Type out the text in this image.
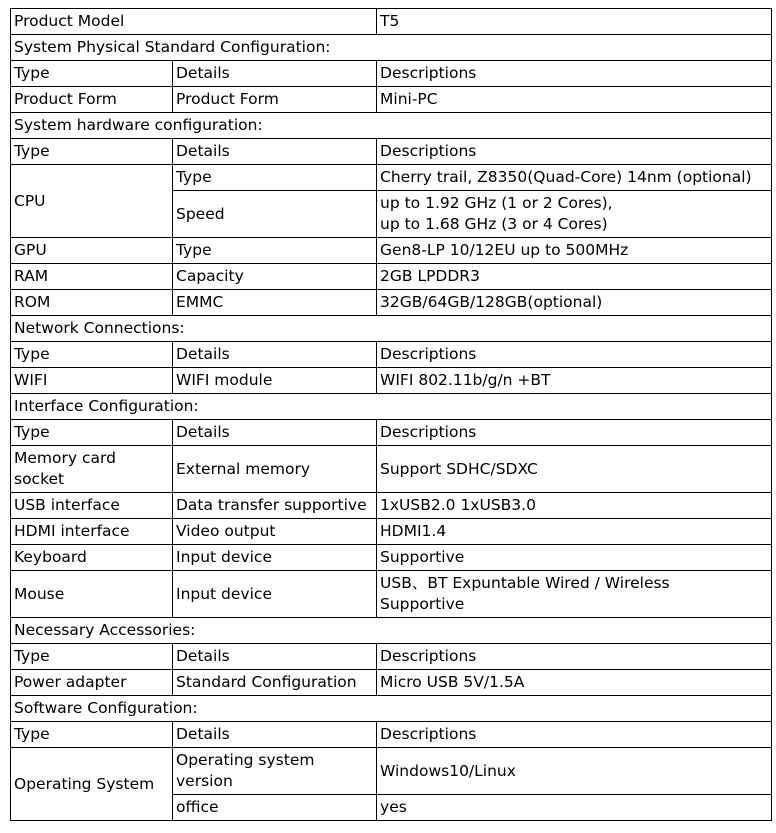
Product Model		T5
System Physical Standard Configuration:		
Type	Details	Descriptions
Product Form	Product Form	Mini-PC
System hardware configuration:		
Type	Details	Descriptions
CPU	Type	Cherry trail, Z8350(Quad-Core) 14nm (optional)
	Speed	up to 1.92 GHz (1 or 2 Cores),
up to 1.68 GHz (3 or 4 Cores)

GPU	Type	Gen8-LP 10/12EU up to 500MHz
RAM	Capacity	2GB LPDDR3
ROM	EMMC	32GB/64GB/128GB(optional)
Network Connections:		
Type	Details	Descriptions
WIFI	WIFI module	WIFI 802.11b/g/n +BT
Interface Configuration:		
Type	Details	Descriptions

Memory card
socket	External memory	Support SDHC/SDXC
USB interface	Data transfer supportive	1xUSB2.0 1xUSB3.0
HDMI interface	Video output	HDMI1.4
Keyboard	Input device	Supportive
Mouse	Input device	USB、BT Expuntable Wired / Wireless
Supportive

Necessary Accessories:		
Type	Details	Descriptions
Power adapter	Standard Configuration	Micro USB 5V/1.5A
Software Configuration:		
Type	Details	Descriptions
Operating System	Operating system
version	Windows10/Linux
	office	yes
